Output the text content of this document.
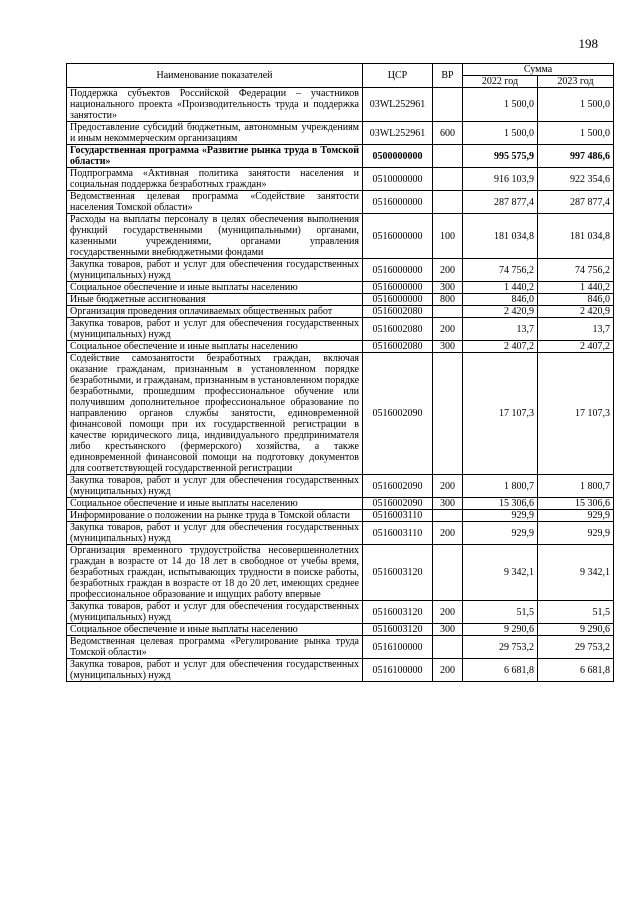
198
Наименование показателей	ЦСР	ВР	Сумма	
			2022 год	2023 год
Поддержка субъектов Российской Федерации – участников национального проекта «Производительность труда и поддержка занятости»	03WL252961		1 500,0	1 500,0
Предоставление субсидий бюджетным, автономным учреждениям и иным некоммерческим организациям	03WL252961	600	1 500,0	1 500,0
Государственная программа «Развитие рынка труда в Томской области»	0500000000		995 575,9	997 486,6
Подпрограмма «Активная политика занятости населения и социальная поддержка безработных граждан»	0510000000		916 103,9	922 354,6
Ведомственная целевая программа «Содействие занятости населения Томской области»	0516000000		287 877,4	287 877,4
Расходы на выплаты персоналу в целях обеспечения выполнения функций государственными (муниципальными) органами, казенными учреждениями, органами управления государственными внебюджетными фондами	0516000000	100	181 034,8	181 034,8
Закупка товаров, работ и услуг для обеспечения государственных (муниципальных) нужд	0516000000	200	74 756,2	74 756,2
Социальное обеспечение и иные выплаты населению	0516000000	300	1 440,2	1 440,2
Иные бюджетные ассигнования	0516000000	800	846,0	846,0
Организация проведения оплачиваемых общественных работ	0516002080		2 420,9	2 420,9
Закупка товаров, работ и услуг для обеспечения государственных (муниципальных) нужд	0516002080	200	13,7	13,7
Социальное обеспечение и иные выплаты населению	0516002080	300	2 407,2	2 407,2
Содействие самозанятости безработных граждан, включая оказание гражданам, признанным в установленном порядке безработными, и гражданам, признанным в установленном порядке безработными, прошедшим профессиональное обучение или получившим дополнительное профессиональное образование по направлению органов службы занятости, единовременной финансовой помощи при их государственной регистрации в качестве юридического лица, индивидуального предпринимателя либо крестьянского (фермерского) хозяйства, а также единовременной финансовой помощи на подготовку документов для соответствующей государственной регистрации	0516002090		17 107,3	17 107,3
Закупка товаров, работ и услуг для обеспечения государственных (муниципальных) нужд	0516002090	200	1 800,7	1 800,7
Социальное обеспечение и иные выплаты населению	0516002090	300	15 306,6	15 306,6
Информирование о положении на рынке труда в Томской области	0516003110		929,9	929,9
Закупка товаров, работ и услуг для обеспечения государственных (муниципальных) нужд	0516003110	200	929,9	929,9
Организация временного трудоустройства несовершеннолетних граждан в возрасте от 14 до 18 лет в свободное от учебы время, безработных граждан, испытывающих трудности в поиске работы, безработных граждан в возрасте от 18 до 20 лет, имеющих среднее профессиональное образование и ищущих работу впервые	0516003120		9 342,1	9 342,1
Закупка товаров, работ и услуг для обеспечения государственных (муниципальных) нужд	0516003120	200	51,5	51,5
Социальное обеспечение и иные выплаты населению	0516003120	300	9 290,6	9 290,6
Ведомственная целевая программа «Регулирование рынка труда Томской области»	0516100000		29 753,2	29 753,2
Закупка товаров, работ и услуг для обеспечения государственных (муниципальных) нужд	0516100000	200	6 681,8	6 681,8
